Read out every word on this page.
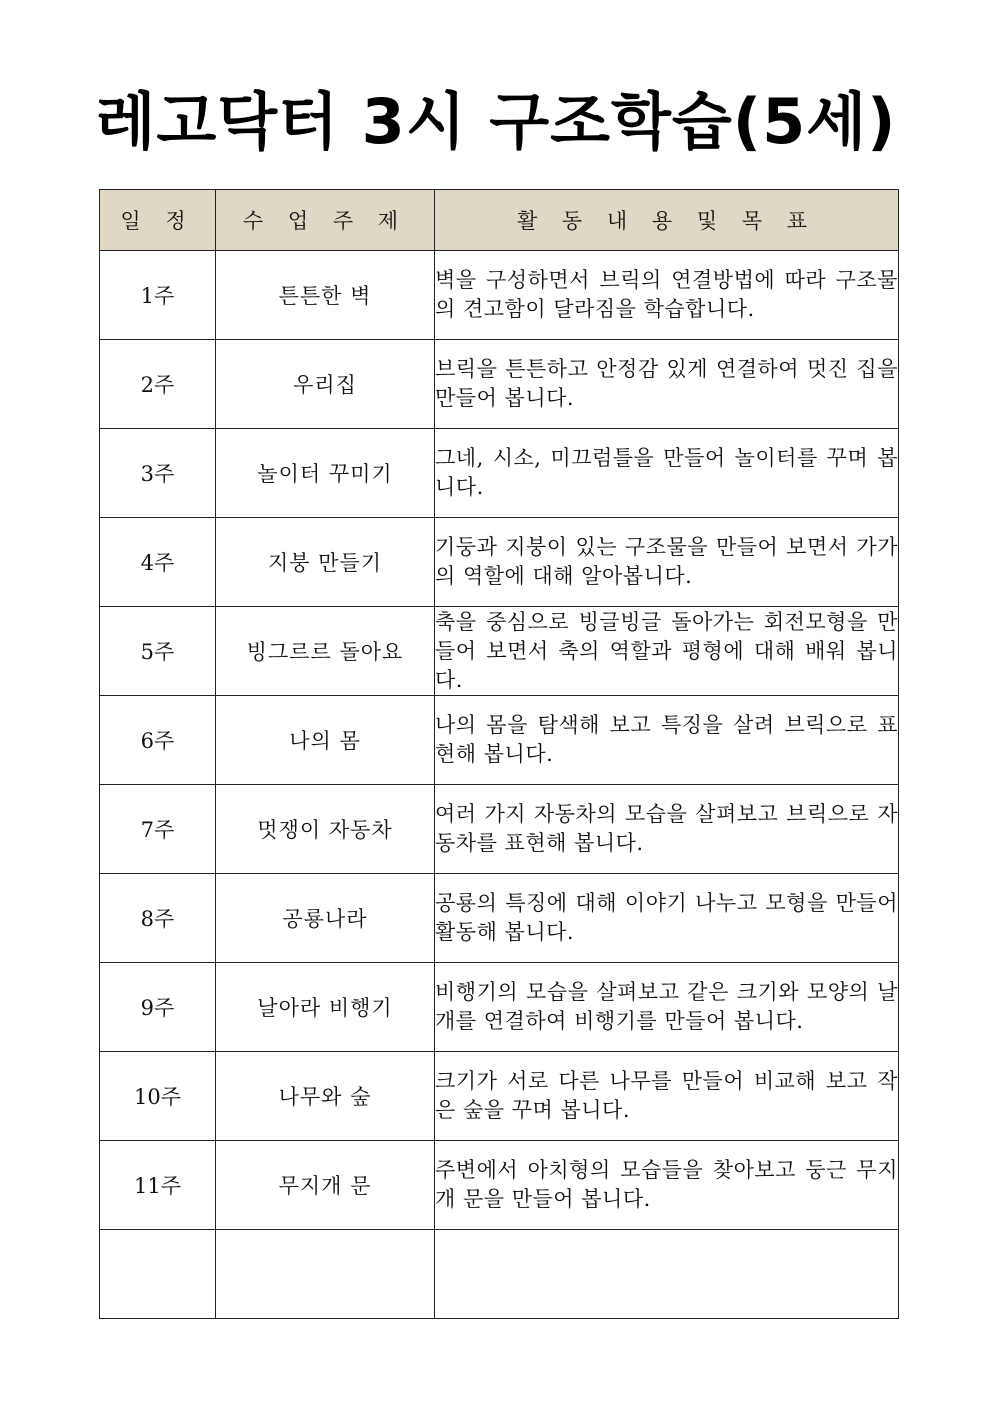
레고닥터 3시 구조학습(5세)
일 정	수 업 주 제	활 동 내 용 및 목 표
1주	튼튼한 벽	벽을 구성하면서 브릭의 연결방법에 따라 구조물의 견고함이 달라짐을 학습합니다.
2주	우리집	브릭을 튼튼하고 안정감 있게 연결하여 멋진 집을 만들어 봅니다.
3주	놀이터 꾸미기	그네, 시소, 미끄럼틀을 만들어 놀이터를 꾸며 봅니다.
4주	지붕 만들기	기둥과 지붕이 있는 구조물을 만들어 보면서 가가의 역할에 대해 알아봅니다.
5주	빙그르르 돌아요	축을 중심으로 빙글빙글 돌아가는 회전모형을 만들어 보면서 축의 역할과 평형에 대해 배워 봅니다.
6주	나의 몸	나의 몸을 탐색해 보고 특징을 살려 브릭으로 표현해 봅니다.
7주	멋쟁이 자동차	여러 가지 자동차의 모습을 살펴보고 브릭으로 자동차를 표현해 봅니다.
8주	공룡나라	공룡의 특징에 대해 이야기 나누고 모형을 만들어 활동해 봅니다.
9주	날아라 비행기	비행기의 모습을 살펴보고 같은 크기와 모양의 날개를 연결하여 비행기를 만들어 봅니다.
10주	나무와 숲	크기가 서로 다른 나무를 만들어 비교해 보고 작은 숲을 꾸며 봅니다.
11주	무지개 문	주변에서 아치형의 모습들을 찾아보고 둥근 무지개 문을 만들어 봅니다.
